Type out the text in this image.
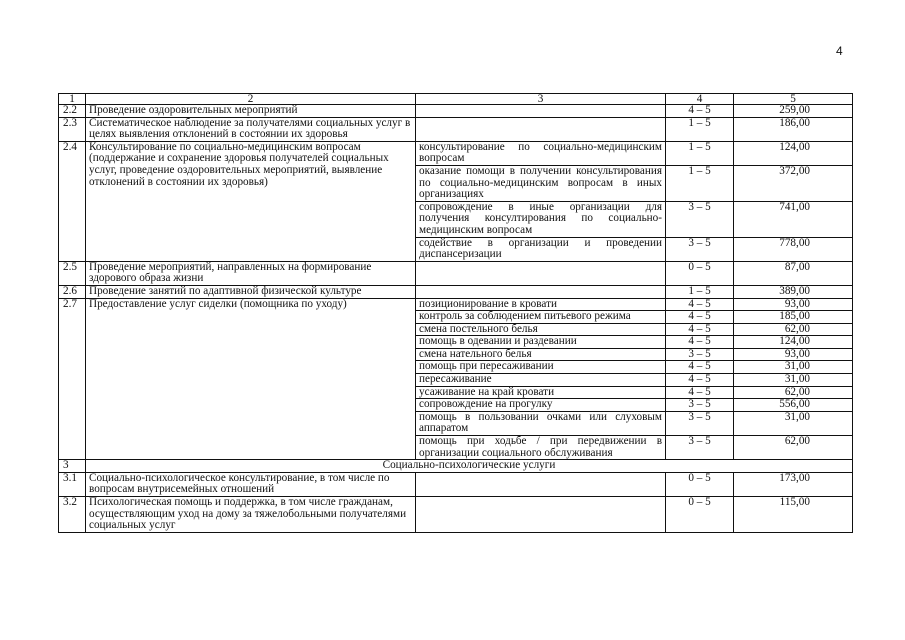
4
1	2	3	4	5
2.2	Проведение оздоровительных мероприятий		4 – 5	259,00
2.3	Систематическое наблюдение за получателями социальных услуг в целях выявления отклонений в состоянии их здоровья		1 – 5	186,00
2.4	Консультирование по социально-медицинским вопросам (поддержание и сохранение здоровья получателей социальных услуг, проведение оздоровительных мероприятий, выявление отклонений в состоянии их здоровья)	консультирование по социально-медицинским вопросам	1 – 5	124,00
		оказание помощи в получении консультирования по социально-медицинским вопросам в иных организациях	1 – 5	372,00
		сопровождение в иные организации для получения консултирования по социально-медицинским вопросам	3 – 5	741,00
		содействие в организации и проведении диспансеризации	3 – 5	778,00
2.5	Проведение мероприятий, направленных на формирование здорового образа жизни		0 – 5	87,00
2.6	Проведение занятий по адаптивной физической культуре		1 – 5	389,00
2.7	Предоставление услуг сиделки (помощника по уходу)	позиционирование в кровати	4 – 5	93,00
		контроль за соблюдением питьевого режима	4 – 5	185,00
		смена постельного белья	4 – 5	62,00
		помощь в одевании и раздевании	4 – 5	124,00
		смена нательного белья	3 – 5	93,00
		помощь при пересаживании	4 – 5	31,00
		пересаживание	4 – 5	31,00
		усаживание на край кровати	4 – 5	62,00
		сопровождение на прогулку	3 – 5	556,00
		помощь в пользовании очками или слуховым аппаратом	3 – 5	31,00
		помощь при ходьбе / при передвижении в организации социального обслуживания	3 – 5	62,00
3	Социально-психологические услуги			
3.1	Социально-психологическое консультирование, в том числе по вопросам внутрисемейных отношений		0 – 5	173,00
3.2	Психологическая помощь и поддержка, в том числе гражданам, осуществляющим уход на дому за тяжелобольными получателями социальных услуг		0 – 5	115,00
